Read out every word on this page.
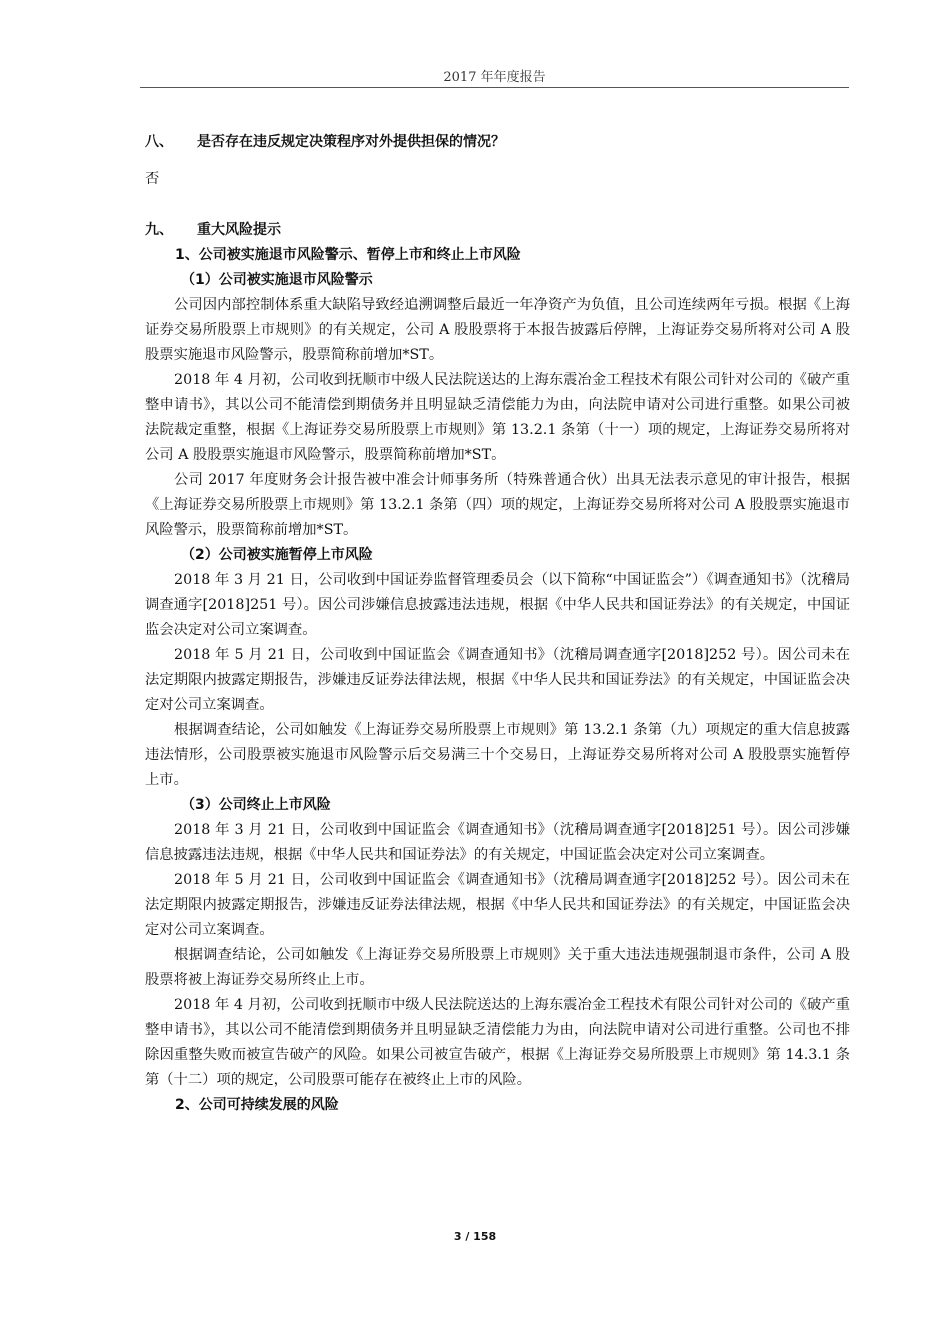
2017 年年度报告
八、 是否存在违反规定决策程序对外提供担保的情况？

否

九、 重大风险提示
1、公司被实施退市风险警示、暂停上市和终止上市风险
（1）公司被实施退市风险警示

公司因内部控制体系重大缺陷导致经追溯调整后最近一年净资产为负值，且公司连续两年亏损。根据《上海证券交易所股票上市规则》的有关规定，公司 A 股股票将于本报告披露后停牌，上海证券交易所将对公司 A 股股票实施退市风险警示，股票简称前增加*ST。

2018 年 4 月初，公司收到抚顺市中级人民法院送达的上海东震冶金工程技术有限公司针对公司的《破产重整申请书》，其以公司不能清偿到期债务并且明显缺乏清偿能力为由，向法院申请对公司进行重整。如果公司被法院裁定重整，根据《上海证券交易所股票上市规则》第 13.2.1 条第（十一）项的规定，上海证券交易所将对公司 A 股股票实施退市风险警示，股票简称前增加*ST。

公司 2017 年度财务会计报告被中准会计师事务所（特殊普通合伙）出具无法表示意见的审计报告，根据《上海证券交易所股票上市规则》第 13.2.1 条第（四）项的规定，上海证券交易所将对公司 A 股股票实施退市风险警示，股票简称前增加*ST。

（2）公司被实施暂停上市风险

2018 年 3 月 21 日，公司收到中国证券监督管理委员会（以下简称“中国证监会”）《调查通知书》（沈稽局调查通字[2018]251 号）。因公司涉嫌信息披露违法违规，根据《中华人民共和国证券法》的有关规定，中国证监会决定对公司立案调查。

2018 年 5 月 21 日，公司收到中国证监会《调查通知书》（沈稽局调查通字[2018]252 号）。因公司未在法定期限内披露定期报告，涉嫌违反证券法律法规，根据《中华人民共和国证券法》的有关规定，中国证监会决定对公司立案调查。

根据调查结论，公司如触发《上海证券交易所股票上市规则》第 13.2.1 条第（九）项规定的重大信息披露违法情形，公司股票被实施退市风险警示后交易满三十个交易日，上海证券交易所将对公司 A 股股票实施暂停上市。

（3）公司终止上市风险

2018 年 3 月 21 日，公司收到中国证监会《调查通知书》（沈稽局调查通字[2018]251 号）。因公司涉嫌信息披露违法违规，根据《中华人民共和国证券法》的有关规定，中国证监会决定对公司立案调查。

2018 年 5 月 21 日，公司收到中国证监会《调查通知书》（沈稽局调查通字[2018]252 号）。因公司未在法定期限内披露定期报告，涉嫌违反证券法律法规，根据《中华人民共和国证券法》的有关规定，中国证监会决定对公司立案调查。

根据调查结论，公司如触发《上海证券交易所股票上市规则》关于重大违法违规强制退市条件，公司 A 股股票将被上海证券交易所终止上市。

2018 年 4 月初，公司收到抚顺市中级人民法院送达的上海东震冶金工程技术有限公司针对公司的《破产重整申请书》，其以公司不能清偿到期债务并且明显缺乏清偿能力为由，向法院申请对公司进行重整。公司也不排除因重整失败而被宣告破产的风险。如果公司被宣告破产，根据《上海证券交易所股票上市规则》第 14.3.1 条第（十二）项的规定，公司股票可能存在被终止上市的风险。

2、公司可持续发展的风险
3 / 158
